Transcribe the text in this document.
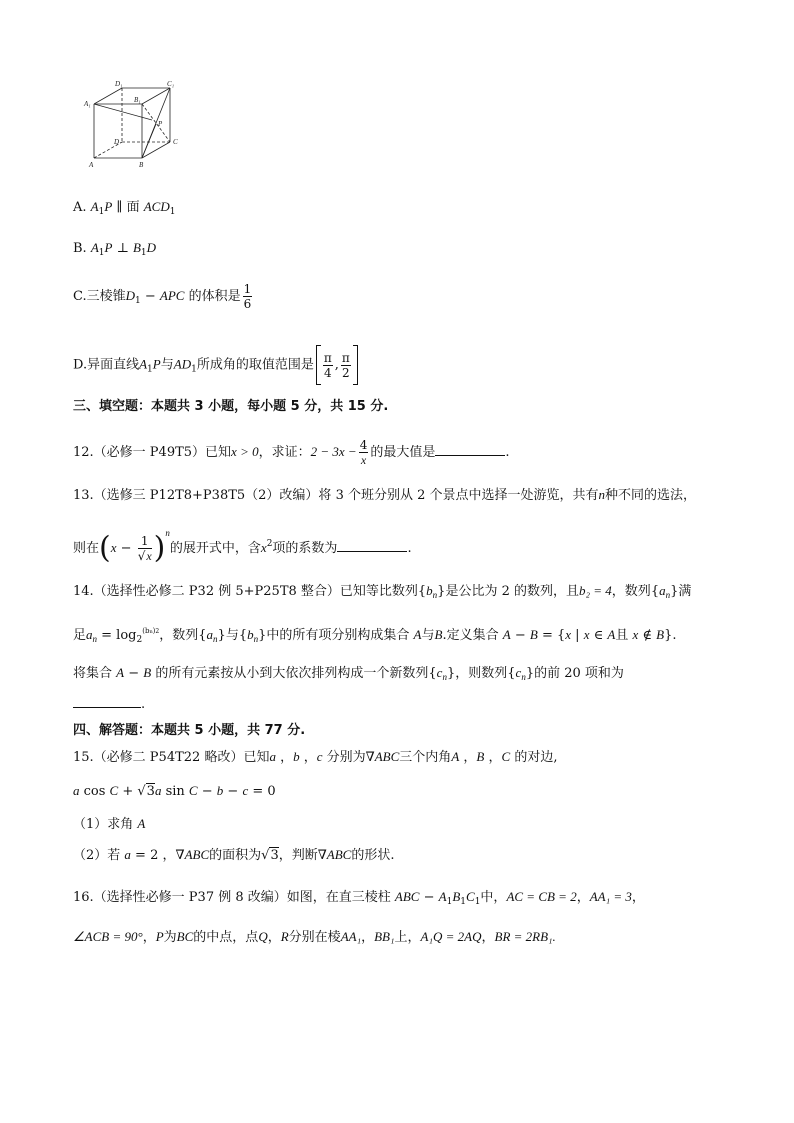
D₁	C₁
A₁	B₁
P
D	C
A	B
A. $A_1P$ ∥ 面 $ACD_1$
B. $A_1P$ ⊥ $B_1D$
C.三棱锥$D_1$ − APC 的体积是 $\frac{1}{6}$
D.异面直线$A_1P$与$AD_1$所成角的取值范围是 $\frac{\pi}{4}$ , $\frac{\pi}{2}$
三、填空题：本题共 3 小题，每小题 5 分，共 15 分.
12.（必修一 P49T5）已知x > 0，求证：$2 - 3x - \frac{4}{x}$ 的最大值是	.
13.（选修三 P12T8+P38T5（2）改编）将 3 个班分别从 2 个景点中选择一处游览，共有n种不同的选法，
则在$(x - \frac{1}{√x} )^n$的展开式中，含$x^2$项的系数为	.
14.（选择性必修二 P32 例 5+P25T8 整合）已知等比数列$\{b_n\}$是公比为 2 的数列，且b₂ = 4，数列$\{a_n\}$满
足$a_n = \log_2^{(bn)2}$，数列$\{a_n\}$与$\{b_n\}$中的所有项分别构成集合 A与B.定义集合 A − B = {x | x ∈ A且 x ∉ B}.
将集合 A − B 的所有元素按从小到大依次排列构成一个新数列$\{c_n\}$，则数列$\{c_n\}$的前 20 项和为
.
四、解答题：本题共 5 小题，共 77 分.
15.（必修二 P54T22 略改）已知a ，b ，c 分别为∇ABC三个内角A ，B ，C 的对边,
a cos C + √3a sin C − b − c = 0
（1）求角 A
（2）若 a = 2 ，∇ABC的面积为√3，判断∇ABC的形状.
16.（选择性必修一 P37 例 8 改编）如图，在直三棱柱 ABC − $A_1B_1C_1$中，AC = CB = 2，AA₁ = 3，
∠ACB = 90°，P为BC的中点，点Q，R分别在棱AA₁，BB₁上，A₁Q = 2AQ，BR = 2RB₁.
